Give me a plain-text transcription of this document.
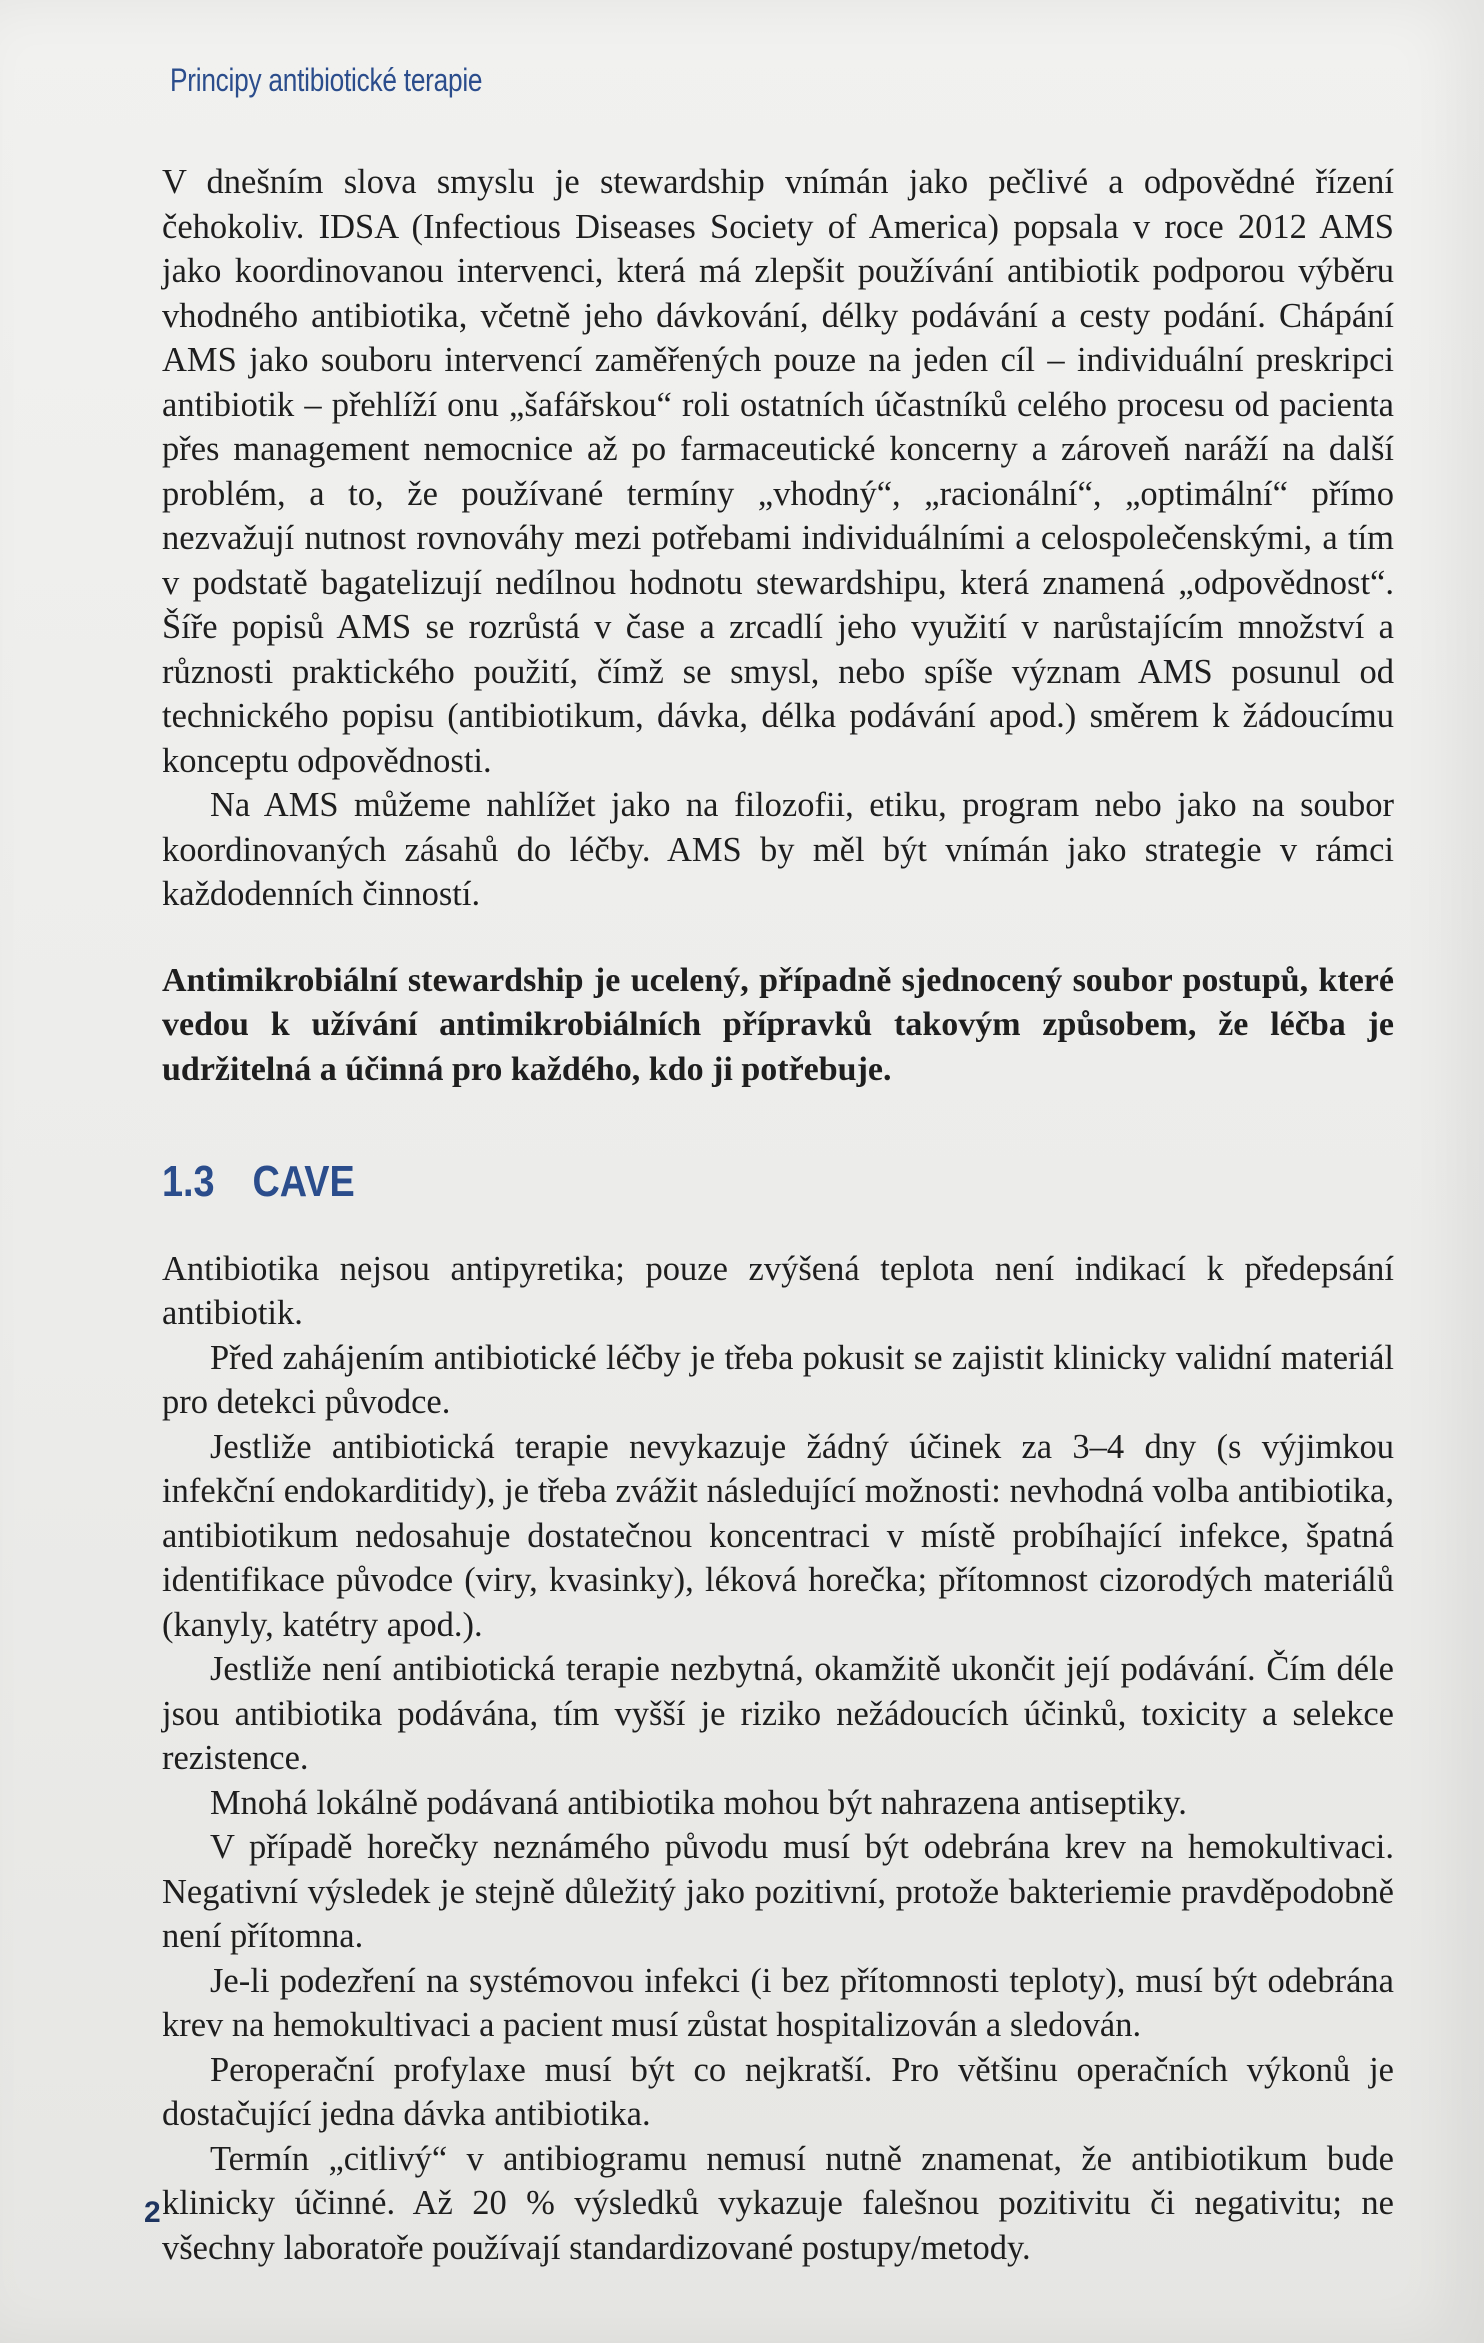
Principy antibiotické terapie

V dnešním slova smyslu je stewardship vnímán jako pečlivé a odpovědné řízení čehokoliv. IDSA (Infectious Diseases Society of America) popsala v roce 2012 AMS jako koordinovanou intervenci, která má zlepšit používání antibiotik podporou výběru vhodného antibiotika, včetně jeho dávkování, délky podávání a cesty podání. Chápání AMS jako souboru intervencí zaměřených pouze na jeden cíl – individuální preskripci antibiotik – přehlíží onu „šafářskou“ roli ostatních účastníků celého procesu od pacienta přes management nemocnice až po farmaceutické koncerny a zároveň naráží na další problém, a to, že používané termíny „vhodný“, „racionální“, „optimální“ přímo nezvažují nutnost rovnováhy mezi potřebami individuálními a celospolečenskými, a tím v podstatě bagatelizují nedílnou hodnotu stewardshipu, která znamená „odpovědnost“. Šíře popisů AMS se rozrůstá v čase a zrcadlí jeho využití v narůstajícím množství a různosti praktického použití, čímž se smysl, nebo spíše význam AMS posunul od technického popisu (antibiotikum, dávka, délka podávání apod.) směrem k žádoucímu konceptu odpovědnosti.

Na AMS můžeme nahlížet jako na filozofii, etiku, program nebo jako na soubor koordinovaných zásahů do léčby. AMS by měl být vnímán jako strategie v rámci každodenních činností.

Antimikrobiální stewardship je ucelený, případně sjednocený soubor postupů, které vedou k užívání antimikrobiálních přípravků takovým způsobem, že léčba je udržitelná a účinná pro každého, kdo ji potřebuje.

1.3 CAVE

Antibiotika nejsou antipyretika; pouze zvýšená teplota není indikací k předepsání antibiotik.

Před zahájením antibiotické léčby je třeba pokusit se zajistit klinicky validní materiál pro detekci původce.

Jestliže antibiotická terapie nevykazuje žádný účinek za 3–4 dny (s výjimkou infekční endokarditidy), je třeba zvážit následující možnosti: nevhodná volba antibiotika, antibiotikum nedosahuje dostatečnou koncentraci v místě probíhající infekce, špatná identifikace původce (viry, kvasinky), léková horečka; přítomnost cizorodých materiálů (kanyly, katétry apod.).

Jestliže není antibiotická terapie nezbytná, okamžitě ukončit její podávání. Čím déle jsou antibiotika podávána, tím vyšší je riziko nežádoucích účinků, toxicity a selekce rezistence.

Mnohá lokálně podávaná antibiotika mohou být nahrazena antiseptiky.

V případě horečky neznámého původu musí být odebrána krev na hemokultivaci. Negativní výsledek je stejně důležitý jako pozitivní, protože bakteriemie pravděpodobně není přítomna.

Je-li podezření na systémovou infekci (i bez přítomnosti teploty), musí být odebrána krev na hemokultivaci a pacient musí zůstat hospitalizován a sledován.

Peroperační profylaxe musí být co nejkratší. Pro většinu operačních výkonů je dostačující jedna dávka antibiotika.

Termín „citlivý“ v antibiogramu nemusí nutně znamenat, že antibiotikum bude klinicky účinné. Až 20 % výsledků vykazuje falešnou pozitivitu či negativitu; ne všechny laboratoře používají standardizované postupy/metody.

2
